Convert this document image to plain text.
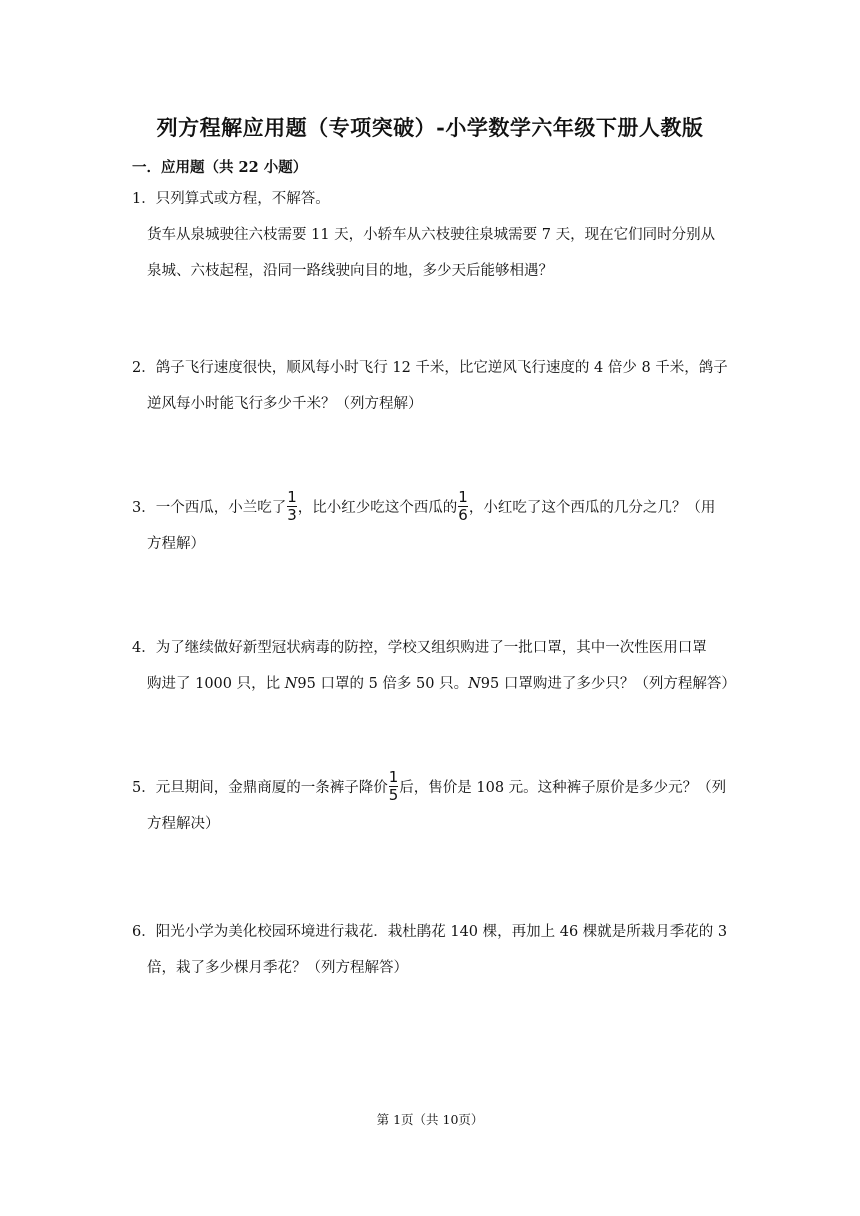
列方程解应用题（专项突破）-小学数学六年级下册人教版
一．应用题（共 22 小题）
1．只列算式或方程，不解答。
货车从泉城驶往六枝需要 11 天，小轿车从六枝驶往泉城需要 7 天，现在它们同时分别从
泉城、六枝起程，沿同一路线驶向目的地，多少天后能够相遇？
2．鸽子飞行速度很快，顺风每小时飞行 12 千米，比它逆风飞行速度的 4 倍少 8 千米，鸽子
逆风每小时能飞行多少千米？（列方程解）
3．一个西瓜，小兰吃了 $\frac{1}{3}$ ，比小红少吃这个西瓜的 $\frac{1}{6}$ ，小红吃了这个西瓜的几分之几？（用
方程解）
4．为了继续做好新型冠状病毒的防控，学校又组织购进了一批口罩，其中一次性医用口罩
购进了 1000 只，比 N95 口罩的 5 倍多 50 只。N95 口罩购进了多少只？（列方程解答）
5．元旦期间，金鼎商厦的一条裤子降价 $\frac{1}{5}$ 后，售价是 108 元。这种裤子原价是多少元？（列
方程解决）
6．阳光小学为美化校园环境进行栽花．栽杜鹃花 140 棵，再加上 46 棵就是所栽月季花的 3
倍，栽了多少棵月季花？（列方程解答）
第 1页（共 10页）
